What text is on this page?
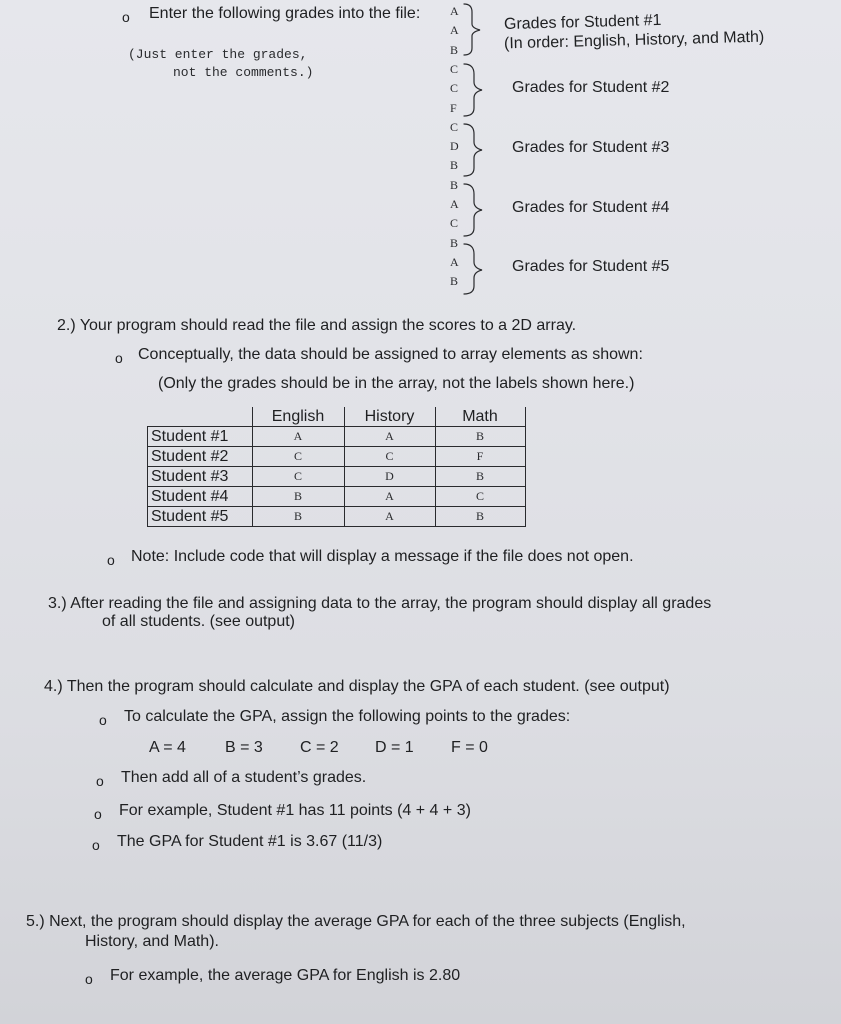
o Enter the following grades into the file:
(Just enter the grades,
not the comments.)
A
A
B
C
C
F
C
D
B
B
A
C
B
A
B
Grades for Student #1
(In order: English, History, and Math)
Grades for Student #2
Grades for Student #3
Grades for Student #4
Grades for Student #5
2.) Your program should read the file and assign the scores to a 2D array.
o Conceptually, the data should be assigned to array elements as shown:
(Only the grades should be in the array, not the labels shown here.)
	English	History	Math
Student #1	A	A	B
Student #2	C	C	F
Student #3	C	D	B
Student #4	B	A	C
Student #5	B	A	B
o Note: Include code that will display a message if the file does not open.
3.) After reading the file and assigning data to the array, the program should display all grades
of all students. (see output)
4.) Then the program should calculate and display the GPA of each student. (see output)
o To calculate the GPA, assign the following points to the grades:
A = 4 B = 3 C = 2 D = 1 F = 0
o Then add all of a student’s grades.
o For example, Student #1 has 11 points (4 + 4 + 3)
o The GPA for Student #1 is 3.67 (11/3)
5.) Next, the program should display the average GPA for each of the three subjects (English,
History, and Math).
o For example, the average GPA for English is 2.80
